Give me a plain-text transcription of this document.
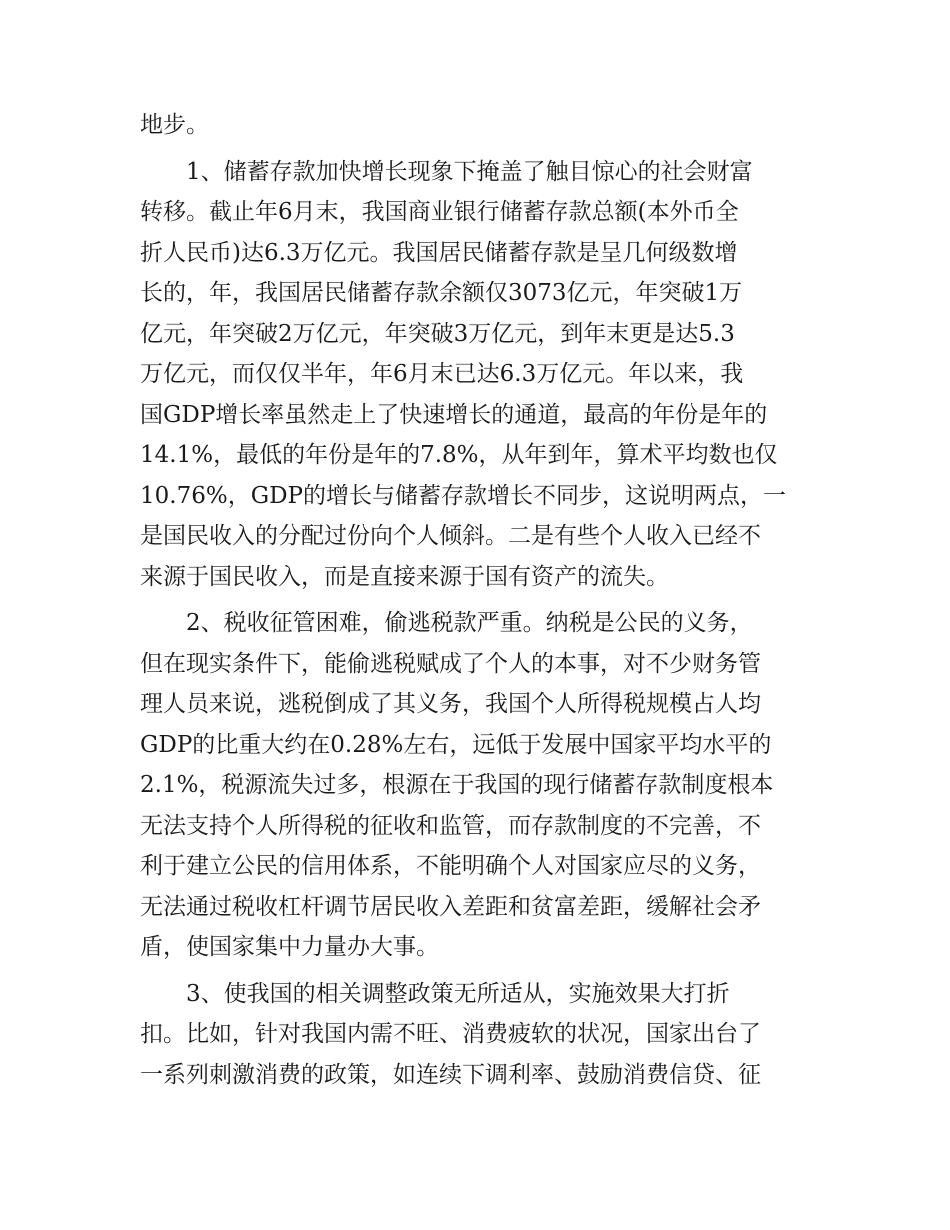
地步。
1、储蓄存款加快增长现象下掩盖了触目惊心的社会财富
转移。截止年6月末，我国商业银行储蓄存款总额(本外币全
折人民币)达6.3万亿元。我国居民储蓄存款是呈几何级数增
长的，年，我国居民储蓄存款余额仅3073亿元，年突破1万
亿元，年突破2万亿元，年突破3万亿元，到年末更是达5.3
万亿元，而仅仅半年，年6月末已达6.3万亿元。年以来，我
国GDP增长率虽然走上了快速增长的通道，最高的年份是年的
14.1%，最低的年份是年的7.8%，从年到年，算术平均数也仅
10.76%，GDP的增长与储蓄存款增长不同步，这说明两点，一
是国民收入的分配过份向个人倾斜。二是有些个人收入已经不
来源于国民收入，而是直接来源于国有资产的流失。
2、税收征管困难，偷逃税款严重。纳税是公民的义务，
但在现实条件下，能偷逃税赋成了个人的本事，对不少财务管
理人员来说，逃税倒成了其义务，我国个人所得税规模占人均
GDP的比重大约在0.28%左右，远低于发展中国家平均水平的
2.1%，税源流失过多，根源在于我国的现行储蓄存款制度根本
无法支持个人所得税的征收和监管，而存款制度的不完善，不
利于建立公民的信用体系，不能明确个人对国家应尽的义务，
无法通过税收杠杆调节居民收入差距和贫富差距，缓解社会矛
盾，使国家集中力量办大事。
3、使我国的相关调整政策无所适从，实施效果大打折
扣。比如，针对我国内需不旺、消费疲软的状况，国家出台了
一系列刺激消费的政策，如连续下调利率、鼓励消费信贷、征
